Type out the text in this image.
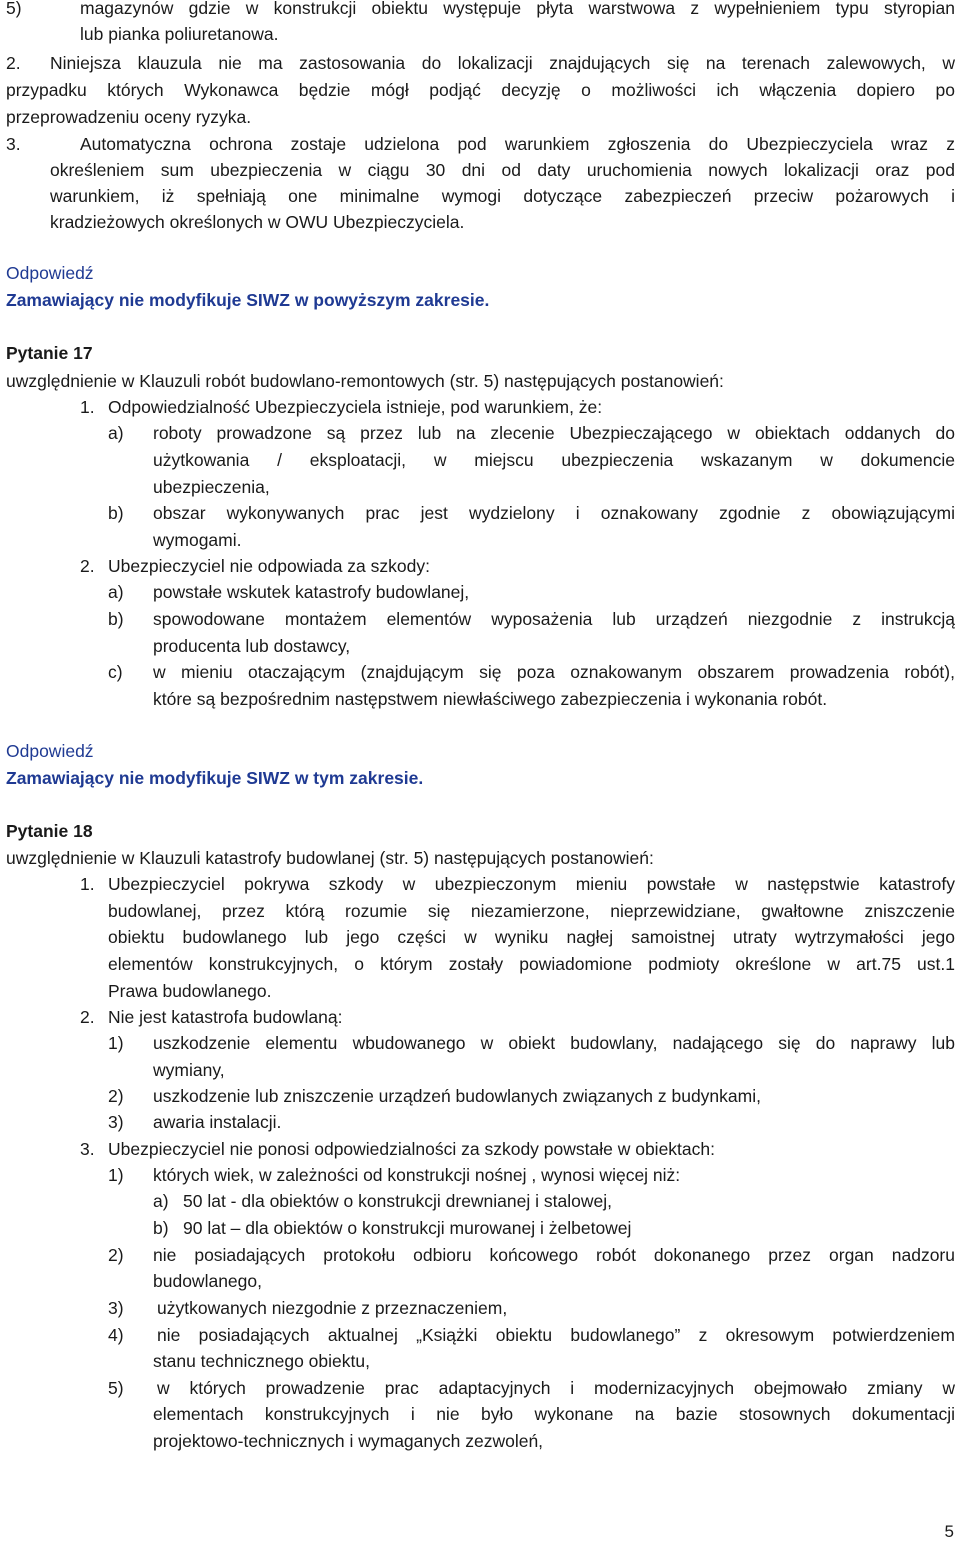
5)	magazynów gdzie w konstrukcji obiektu występuje płyta warstwowa z wypełnieniem typu styropian
lub pianka poliuretanowa.
2. Niniejsza klauzula nie ma zastosowania do lokalizacji znajdujących się na terenach zalewowych, w
przypadku których Wykonawca będzie mógł podjąć decyzję o możliwości ich włączenia dopiero po
przeprowadzeniu oceny ryzyka.
3.	Automatyczna ochrona zostaje udzielona pod warunkiem zgłoszenia do Ubezpieczyciela wraz z
określeniem sum ubezpieczenia w ciągu 30 dni od daty uruchomienia nowych lokalizacji oraz pod
warunkiem, iż spełniają one minimalne wymogi dotyczące zabezpieczeń przeciw pożarowych i
kradzieżowych określonych w OWU Ubezpieczyciela.
Odpowiedź
Zamawiający nie modyfikuje SIWZ w powyższym zakresie.
Pytanie 17
uwzględnienie w Klauzuli robót budowlano-remontowych (str. 5) następujących postanowień:
1. Odpowiedzialność Ubezpieczyciela istnieje, pod warunkiem, że:
a) roboty prowadzone są przez lub na zlecenie Ubezpieczającego w obiektach oddanych do
użytkowania / eksploatacji, w miejscu ubezpieczenia wskazanym w dokumencie
ubezpieczenia,
b) obszar wykonywanych prac jest wydzielony i oznakowany zgodnie z obowiązującymi
wymogami.
2. Ubezpieczyciel nie odpowiada za szkody:
a) powstałe wskutek katastrofy budowlanej,
b) spowodowane montażem elementów wyposażenia lub urządzeń niezgodnie z instrukcją
producenta lub dostawcy,
c) w mieniu otaczającym (znajdującym się poza oznakowanym obszarem prowadzenia robót),
które są bezpośrednim następstwem niewłaściwego zabezpieczenia i wykonania robót.
Odpowiedź
Zamawiający nie modyfikuje SIWZ w tym zakresie.
Pytanie 18
uwzględnienie w Klauzuli katastrofy budowlanej (str. 5) następujących postanowień:
1. Ubezpieczyciel pokrywa szkody w ubezpieczonym mieniu powstałe w następstwie katastrofy
budowlanej, przez którą rozumie się niezamierzone, nieprzewidziane, gwałtowne zniszczenie
obiektu budowlanego lub jego części w wyniku nagłej samoistnej utraty wytrzymałości jego
elementów konstrukcyjnych, o którym zostały powiadomione podmioty określone w art.75 ust.1
Prawa budowlanego.
2. Nie jest katastrofa budowlaną:
1) uszkodzenie elementu wbudowanego w obiekt budowlany, nadającego się do naprawy lub
wymiany,
2) uszkodzenie lub zniszczenie urządzeń budowlanych związanych z budynkami,
3) awaria instalacji.
3. Ubezpieczyciel nie ponosi odpowiedzialności za szkody powstałe w obiektach:
1) których wiek, w zależności od konstrukcji nośnej , wynosi więcej niż:
a) 50 lat - dla obiektów o konstrukcji drewnianej i stalowej,
b) 90 lat – dla obiektów o konstrukcji murowanej i żelbetowej
2) nie posiadających protokołu odbioru końcowego robót dokonanego przez organ nadzoru
budowlanego,
3) użytkowanych niezgodnie z przeznaczeniem,
4) nie posiadających aktualnej „Książki obiektu budowlanego” z okresowym potwierdzeniem
stanu technicznego obiektu,
5) w których prowadzenie prac adaptacyjnych i modernizacyjnych obejmowało zmiany w
elementach konstrukcyjnych i nie było wykonane na bazie stosownych dokumentacji
projektowo-technicznych i wymaganych zezwoleń,
5
